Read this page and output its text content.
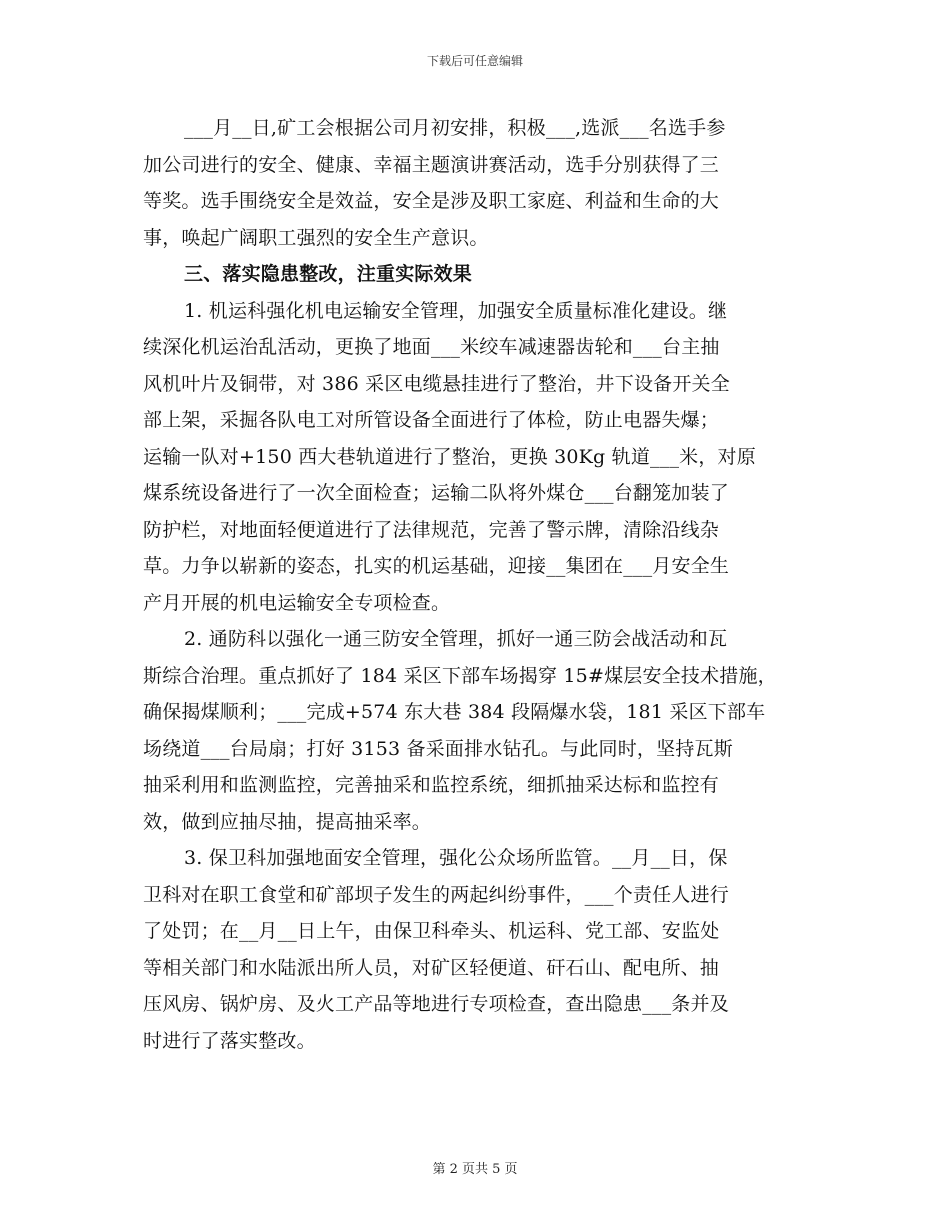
下载后可任意编辑
___月__日,矿工会根据公司月初安排，积极___,选派___名选手参
加公司进行的安全、健康、幸福主题演讲赛活动，选手分别获得了三
等奖。选手围绕安全是效益，安全是涉及职工家庭、利益和生命的大
事，唤起广阔职工强烈的安全生产意识。
三、落实隐患整改，注重实际效果
1. 机运科强化机电运输安全管理，加强安全质量标准化建设。继
续深化机运治乱活动，更换了地面___米绞车减速器齿轮和___台主抽
风机叶片及铜带，对 386 采区电缆悬挂进行了整治，井下设备开关全
部上架，采掘各队电工对所管设备全面进行了体检，防止电器失爆；
运输一队对+150 西大巷轨道进行了整治，更换 30Kg 轨道___米，对原
煤系统设备进行了一次全面检查；运输二队将外煤仓___台翻笼加装了
防护栏，对地面轻便道进行了法律规范，完善了警示牌，清除沿线杂
草。力争以崭新的姿态，扎实的机运基础，迎接__集团在___月安全生
产月开展的机电运输安全专项检查。
2. 通防科以强化一通三防安全管理，抓好一通三防会战活动和瓦
斯综合治理。重点抓好了 184 采区下部车场揭穿 15#煤层安全技术措施，
确保揭煤顺利；___完成+574 东大巷 384 段隔爆水袋，181 采区下部车
场绕道___台局扇；打好 3153 备采面排水钻孔。与此同时，坚持瓦斯
抽采利用和监测监控，完善抽采和监控系统，细抓抽采达标和监控有
效，做到应抽尽抽，提高抽采率。
3. 保卫科加强地面安全管理，强化公众场所监管。__月__日，保
卫科对在职工食堂和矿部坝子发生的两起纠纷事件，___个责任人进行
了处罚；在__月__日上午，由保卫科牵头、机运科、党工部、安监处
等相关部门和水陆派出所人员，对矿区轻便道、矸石山、配电所、抽
压风房、锅炉房、及火工产品等地进行专项检查，查出隐患___条并及
时进行了落实整改。
第 2 页共 5 页
